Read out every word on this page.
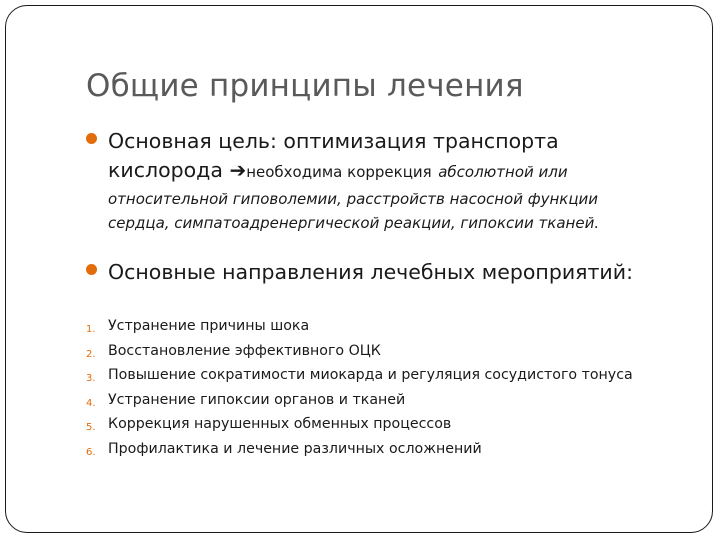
Общие принципы лечения
Основная цель: оптимизация транспорта кислорода ➔необходима коррекция абсолютной или
относительной гиповолемии, расстройств насосной функции сердца, симпатоадренергической реакции, гипоксии тканей.
Основные направления лечебных мероприятий:
1. Устранение причины шока
2. Восстановление эффективного ОЦК
3. Повышение сократимости миокарда и регуляция сосудистого тонуса
4. Устранение гипоксии органов и тканей
5. Коррекция нарушенных обменных процессов
6. Профилактика и лечение различных осложнений
